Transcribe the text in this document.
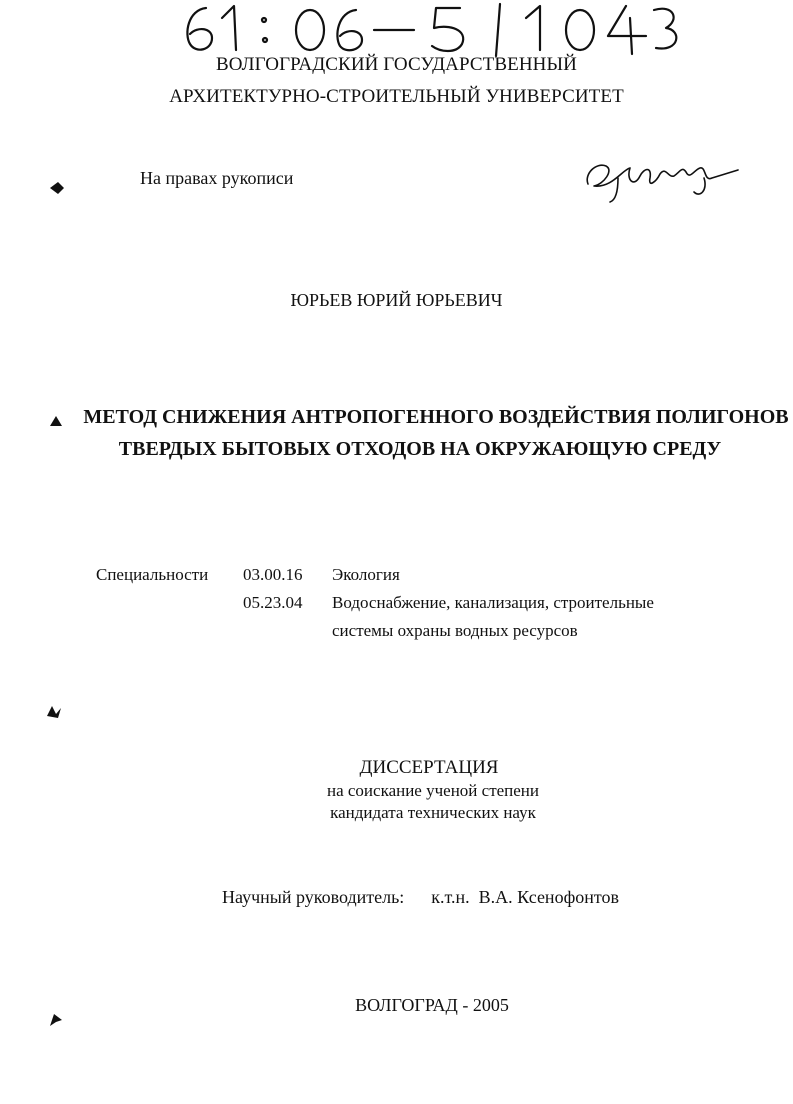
ВОЛГОГРАДСКИЙ ГОСУДАРСТВЕННЫЙ
АРХИТЕКТУРНО-СТРОИТЕЛЬНЫЙ УНИВЕРСИТЕТ
На правах рукописи
ЮРЬЕВ ЮРИЙ ЮРЬЕВИЧ
МЕТОД СНИЖЕНИЯ АНТРОПОГЕННОГО ВОЗДЕЙСТВИЯ ПОЛИГОНОВ
ТВЕРДЫХ БЫТОВЫХ ОТХОДОВ НА ОКРУЖАЮЩУЮ СРЕДУ
Специальности 03.00.16 Экология
05.23.04 Водоснабжение, канализация, строительные
системы охраны водных ресурсов
ДИССЕРТАЦИЯ
на соискание ученой степени
кандидата технических наук
Научный руководитель: к.т.н. В.А. Ксенофонтов
ВОЛГОГРАД - 2005
